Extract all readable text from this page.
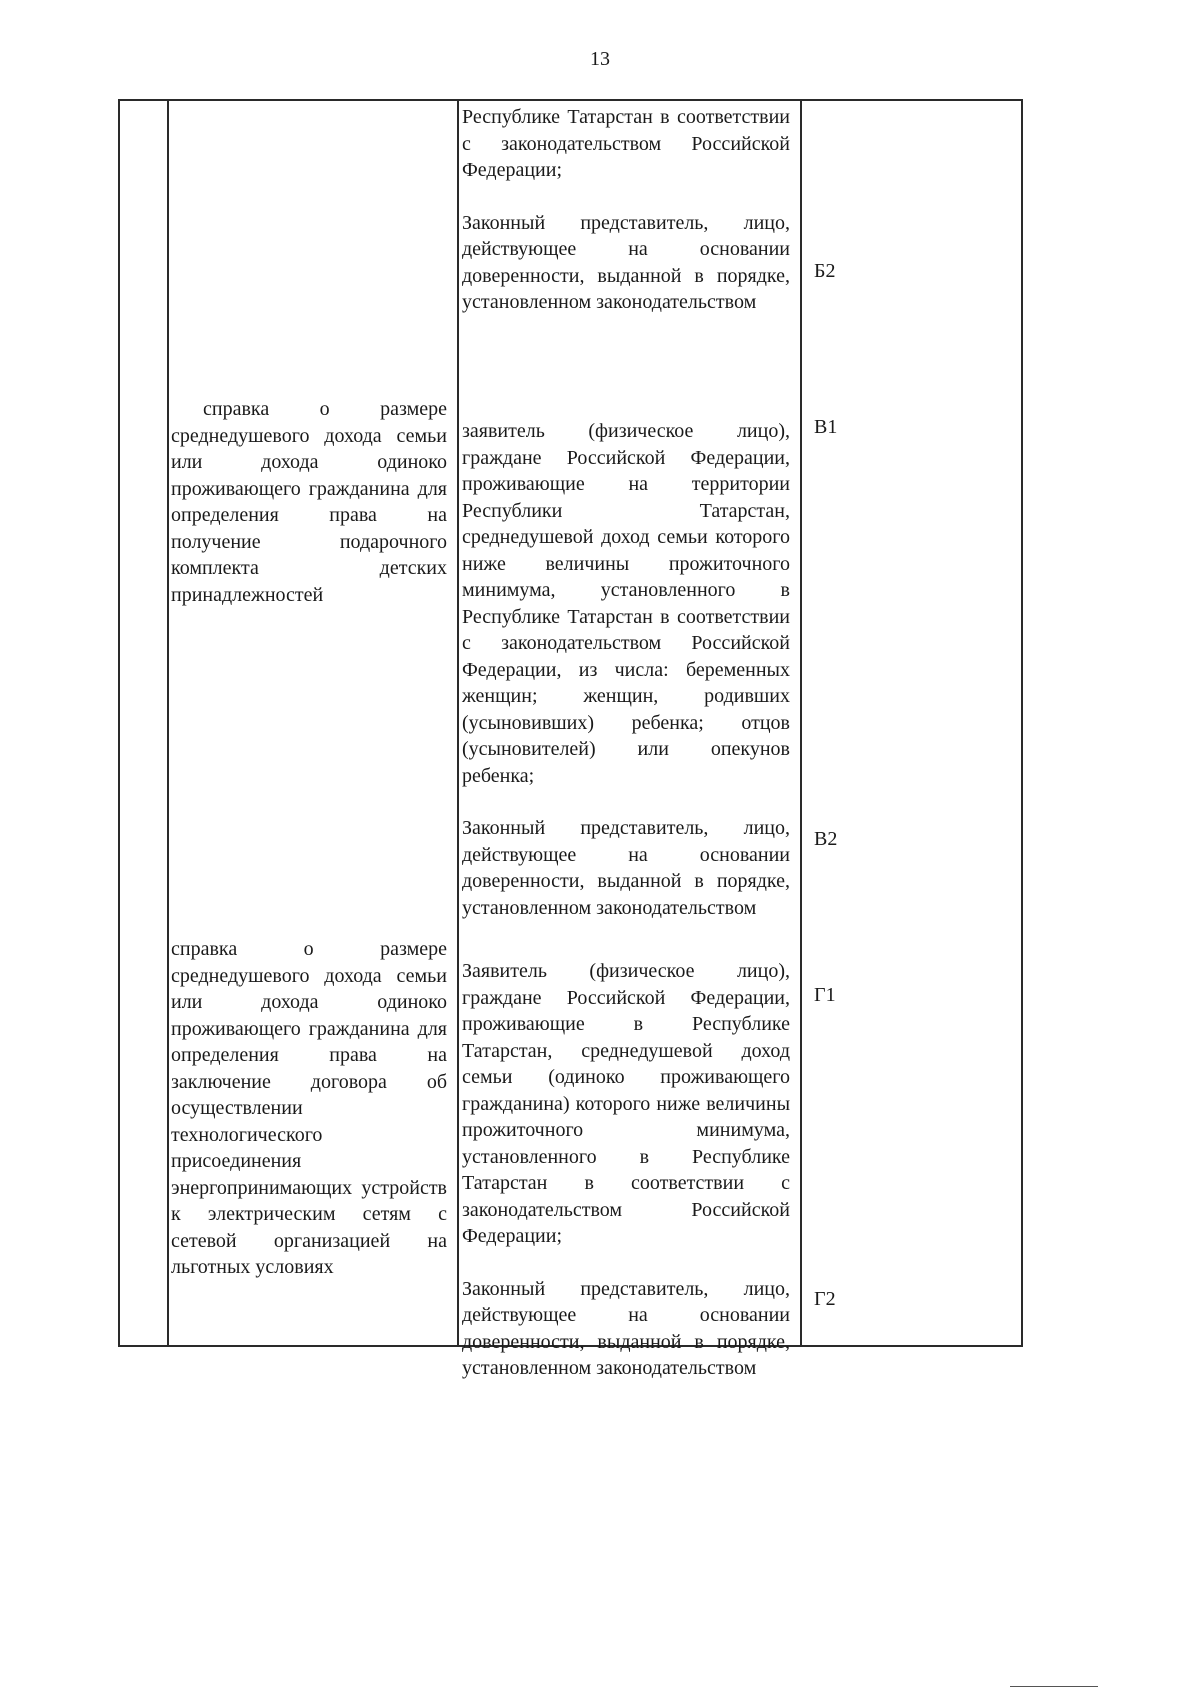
13
Республике Татарстан в соответствии с законодательством Российской Федерации;
Законный представитель, лицо, действующее на основании доверенности, выданной в порядке, установленном законодательством
Б2
справка о размере среднедушевого дохода семьи или дохода одиноко проживающего гражданина для определения права на получение подарочного комплекта детских принадлежностей
заявитель (физическое лицо), граждане Российской Федерации, проживающие на территории Республики Татарстан, среднедушевой доход семьи которого ниже величины прожиточного минимума, установленного в Республике Татарстан в соответствии с законодательством Российской Федерации, из числа: беременных женщин; женщин, родивших (усыновивших) ребенка; отцов (усыновителей) или опекунов ребенка;
Законный представитель, лицо, действующее на основании доверенности, выданной в порядке, установленном законодательством
В1
В2
справка о размере среднедушевого дохода семьи или дохода одиноко проживающего гражданина для определения права на заключение договора об осуществлении технологического присоединения энергопринимающих устройств к электрическим сетям с сетевой организацией на льготных условиях
Заявитель (физическое лицо), граждане Российской Федерации, проживающие в Республике Татарстан, среднедушевой доход семьи (одиноко проживающего гражданина) которого ниже величины прожиточного минимума, установленного в Республике Татарстан в соответствии с законодательством Российской Федерации;
Законный представитель, лицо, действующее на основании доверенности, выданной в порядке, установленном законодательством
Г1
Г2
